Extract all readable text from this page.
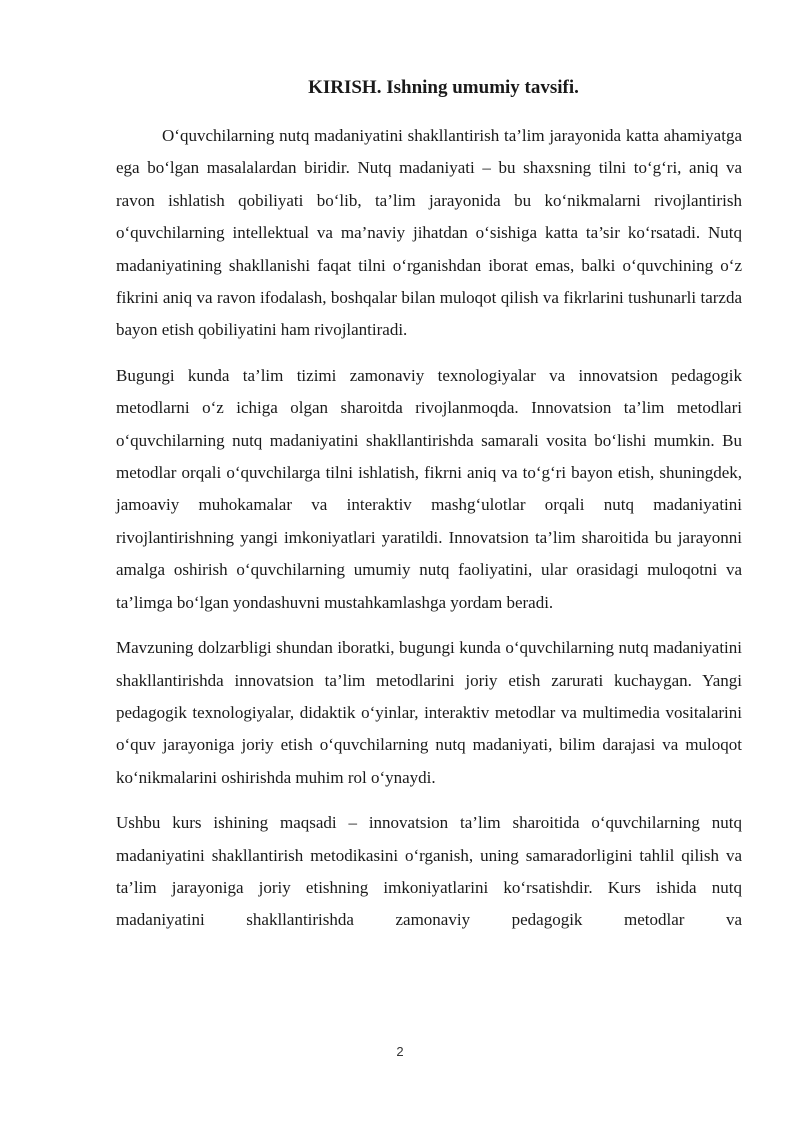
KIRISH. Ishning umumiy tavsifi.

O‘quvchilarning nutq madaniyatini shakllantirish ta’lim jarayonida katta ahamiyatga ega bo‘lgan masalalardan biridir. Nutq madaniyati – bu shaxsning tilni to‘g‘ri, aniq va ravon ishlatish qobiliyati bo‘lib, ta’lim jarayonida bu ko‘nikmalarni rivojlantirish o‘quvchilarning intellektual va ma’naviy jihatdan o‘sishiga katta ta’sir ko‘rsatadi. Nutq madaniyatining shakllanishi faqat tilni o‘rganishdan iborat emas, balki o‘quvchining o‘z fikrini aniq va ravon ifodalash, boshqalar bilan muloqot qilish va fikrlarini tushunarli tarzda bayon etish qobiliyatini ham rivojlantiradi.

Bugungi kunda ta’lim tizimi zamonaviy texnologiyalar va innovatsion pedagogik metodlarni o‘z ichiga olgan sharoitda rivojlanmoqda. Innovatsion ta’lim metodlari o‘quvchilarning nutq madaniyatini shakllantirishda samarali vosita bo‘lishi mumkin. Bu metodlar orqali o‘quvchilarga tilni ishlatish, fikrni aniq va to‘g‘ri bayon etish, shuningdek, jamoaviy muhokamalar va interaktiv mashg‘ulotlar orqali nutq madaniyatini rivojlantirishning yangi imkoniyatlari yaratildi. Innovatsion ta’lim sharoitida bu jarayonni amalga oshirish o‘quvchilarning umumiy nutq faoliyatini, ular orasidagi muloqotni va ta’limga bo‘lgan yondashuvni mustahkamlashga yordam beradi.

Mavzuning dolzarbligi shundan iboratki, bugungi kunda o‘quvchilarning nutq madaniyatini shakllantirishda innovatsion ta’lim metodlarini joriy etish zarurati kuchaygan. Yangi pedagogik texnologiyalar, didaktik o‘yinlar, interaktiv metodlar va multimedia vositalarini o‘quv jarayoniga joriy etish o‘quvchilarning nutq madaniyati, bilim darajasi va muloqot ko‘nikmalarini oshirishda muhim rol o‘ynaydi.

Ushbu kurs ishining maqsadi – innovatsion ta’lim sharoitida o‘quvchilarning nutq madaniyatini shakllantirish metodikasini o‘rganish, uning samaradorligini tahlil qilish va ta’lim jarayoniga joriy etishning imkoniyatlarini ko‘rsatishdir. Kurs ishida nutq madaniyatini shakllantirishda zamonaviy pedagogik metodlar va

2
